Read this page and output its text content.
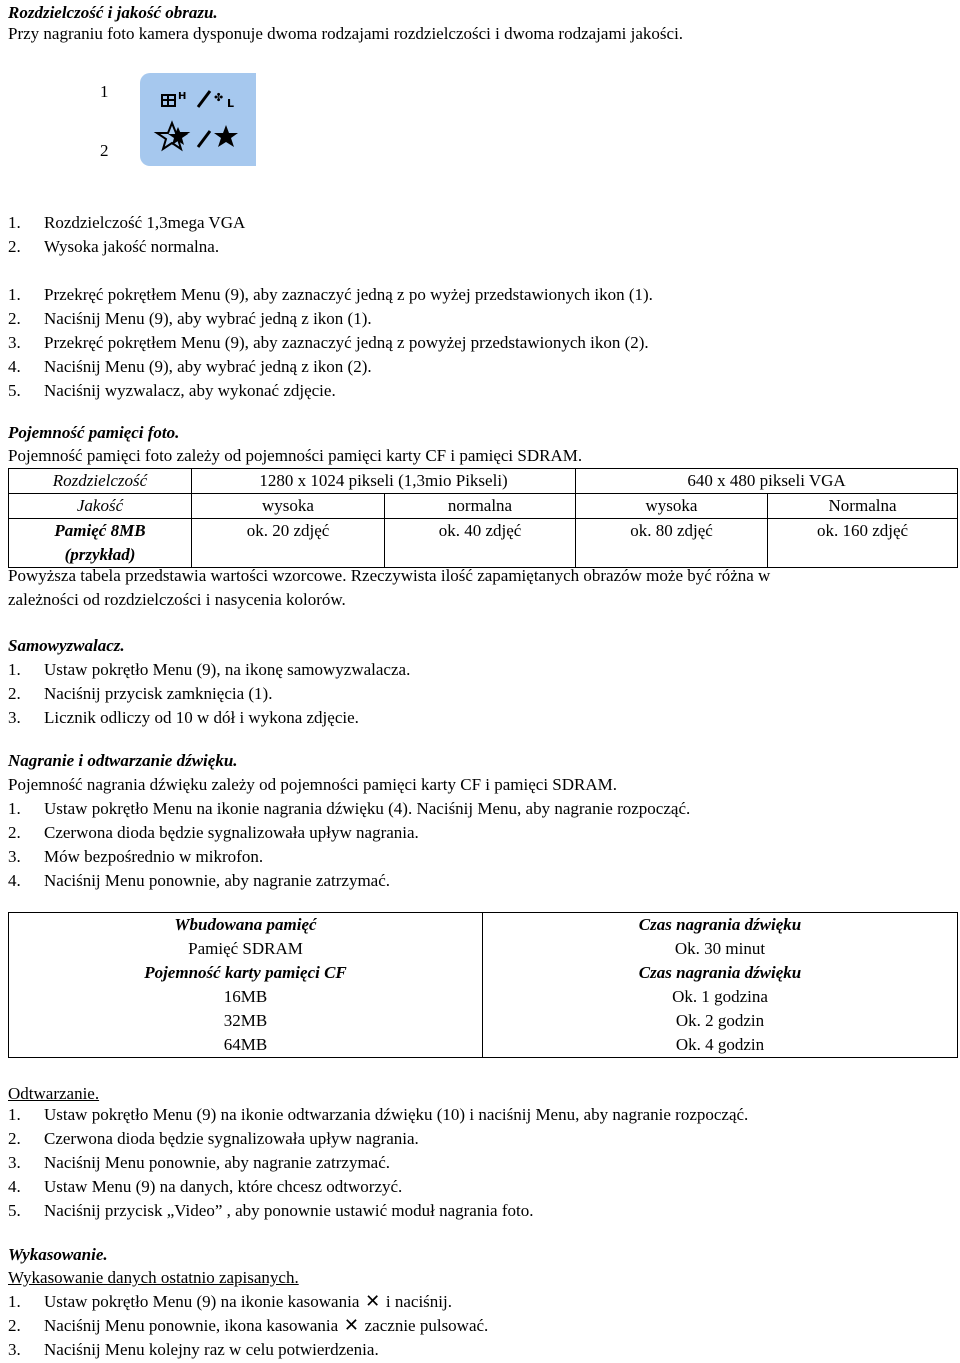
Rozdzielczość i jakość obrazu.
Przy nagraniu foto kamera dysponuje dwoma rodzajami rozdzielczości i dwoma rodzajami jakości.
1
2
H	✤ L
1. Rozdzielczość 1,3mega VGA
2. Wysoka jakość normalna.
1. Przekręć pokrętłem Menu (9), aby zaznaczyć jedną z po wyżej przedstawionych ikon (1).
2. Naciśnij Menu (9), aby wybrać jedną z ikon (1).
3. Przekręć pokrętłem Menu (9), aby zaznaczyć jedną z powyżej przedstawionych ikon (2).
4. Naciśnij Menu (9), aby wybrać jedną z ikon (2).
5. Naciśnij wyzwalacz, aby wykonać zdjęcie.
Pojemność pamięci foto.
Pojemność pamięci foto zależy od pojemności pamięci karty CF i pamięci SDRAM.
Rozdzielczość	1280 x 1024 pikseli (1,3mio Pikseli)		640 x 480 pikseli VGA	
Jakość	wysoka	normalna	wysoka	Normalna
Pamięć 8MB
(przykład)	ok. 20 zdjęć	ok. 40 zdjęć	ok. 80 zdjęć	ok. 160 zdjęć
Powyższa tabela przedstawia wartości wzorcowe. Rzeczywista ilość zapamiętanych obrazów może być różna w
zależności od rozdzielczości i nasycenia kolorów.
Samowyzwalacz.
1. Ustaw pokrętło Menu (9), na ikonę samowyzwalacza.
2. Naciśnij przycisk zamknięcia (1).
3. Licznik odliczy od 10 w dół i wykona zdjęcie.
Nagranie i odtwarzanie dźwięku.
Pojemność nagrania dźwięku zależy od pojemności pamięci karty CF i pamięci SDRAM.
1. Ustaw pokrętło Menu na ikonie nagrania dźwięku (4). Naciśnij Menu, aby nagranie rozpocząć.
2. Czerwona dioda będzie sygnalizowała upływ nagrania.
3. Mów bezpośrednio w mikrofon.
4. Naciśnij Menu ponownie, aby nagranie zatrzymać.
Wbudowana pamięć	Czas nagrania dźwięku
Pamięć SDRAM	Ok. 30 minut
Pojemność karty pamięci CF	Czas nagrania dźwięku
16MB	Ok. 1 godzina
32MB	Ok. 2 godzin
64MB	Ok. 4 godzin
Odtwarzanie.
1. Ustaw pokrętło Menu (9) na ikonie odtwarzania dźwięku (10) i naciśnij Menu, aby nagranie rozpocząć.
2. Czerwona dioda będzie sygnalizowała upływ nagrania.
3. Naciśnij Menu ponownie, aby nagranie zatrzymać.
4. Ustaw Menu (9) na danych, które chcesz odtworzyć.
5. Naciśnij przycisk „Video” , aby ponownie ustawić moduł nagrania foto.
Wykasowanie.
Wykasowanie danych ostatnio zapisanych.
1. Ustaw pokrętło Menu (9) na ikonie kasowania ✕ i naciśnij.
2. Naciśnij Menu ponownie, ikona kasowania ✕ zacznie pulsować.
3. Naciśnij Menu kolejny raz w celu potwierdzenia.
